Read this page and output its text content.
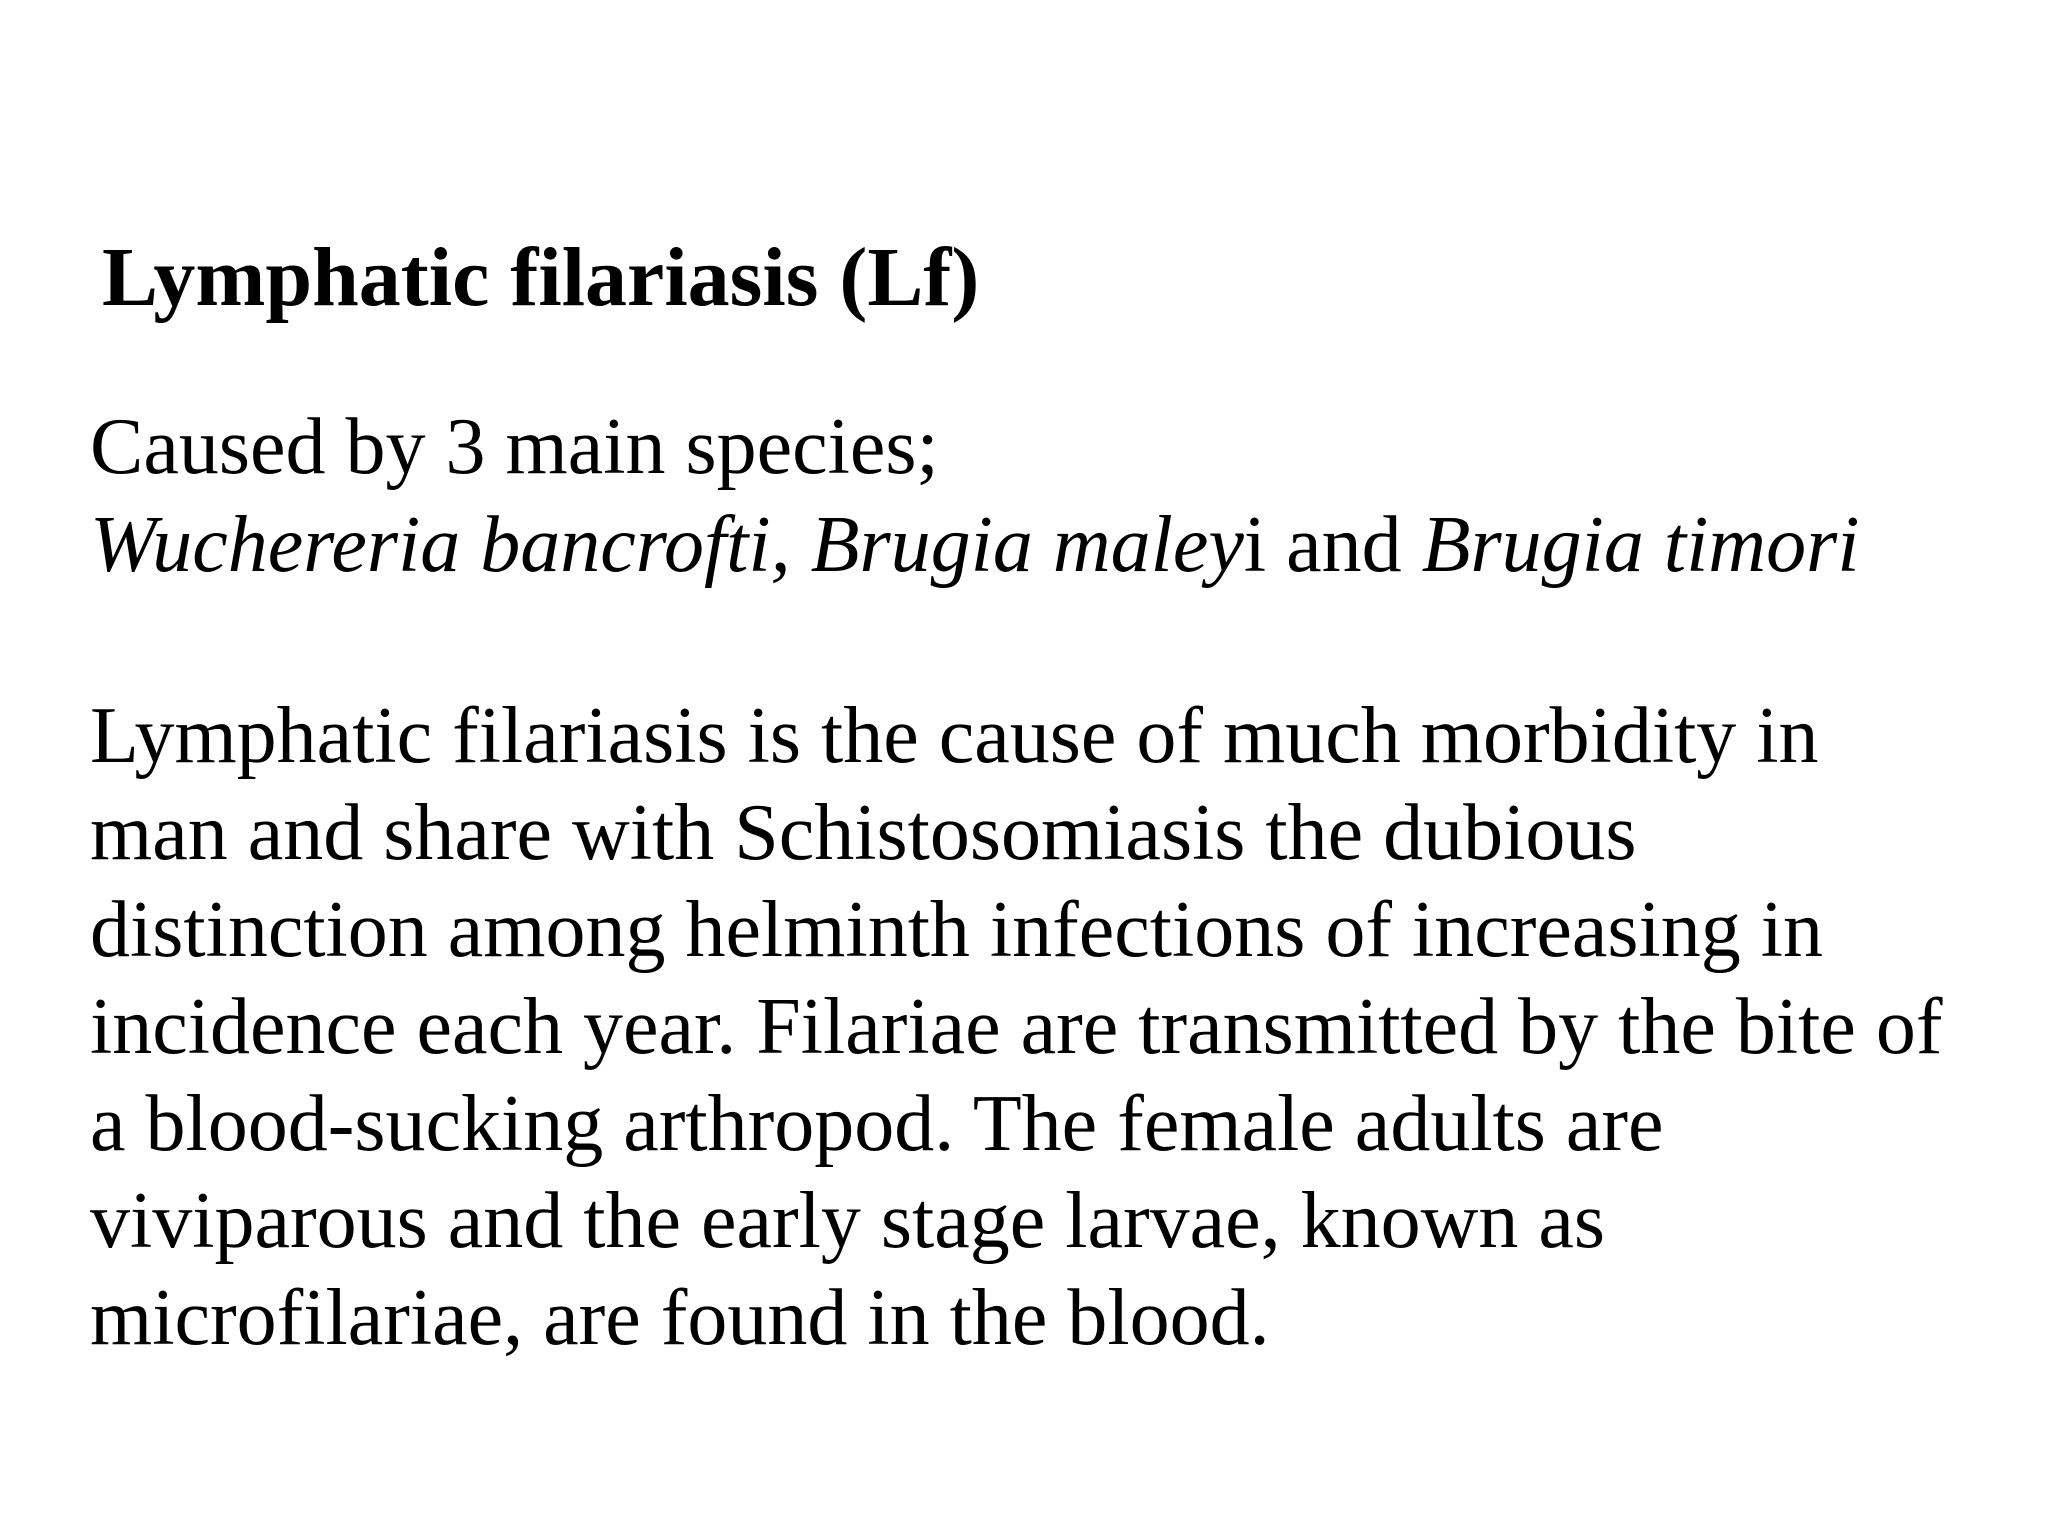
Lymphatic filariasis (Lf)
Caused by 3 main species;
Wuchereria bancrofti, Brugia maleyi and Brugia timori
Lymphatic filariasis is the cause of much morbidity in
man and share with Schistosomiasis the dubious
distinction among helminth infections of increasing in
incidence each year. Filariae are transmitted by the bite of
a blood-sucking arthropod. The female adults are
viviparous and the early stage larvae, known as
microfilariae, are found in the blood.
